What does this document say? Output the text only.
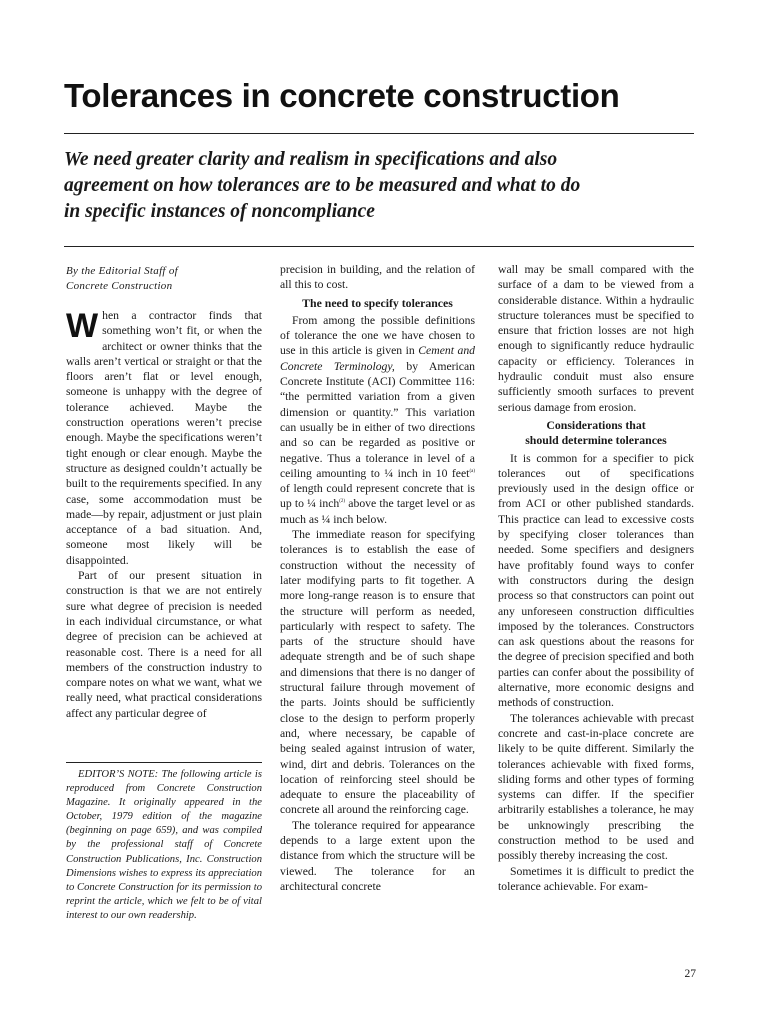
Tolerances in concrete construction
We need greater clarity and realism in specifications and also
agreement on how tolerances are to be measured and what to do
in specific instances of noncompliance

By the Editorial Staff of
Concrete Construction

When a contractor finds that something won’t fit, or when the architect or owner thinks that the walls aren’t vertical or straight or that the floors aren’t flat or level enough, someone is unhappy with the degree of tolerance achieved. Maybe the construction operations weren’t precise enough. Maybe the specifications weren’t tight enough or clear enough. Maybe the structure as designed couldn’t actually be built to the requirements specified. In any case, some accommodation must be made—by repair, adjustment or just plain acceptance of a bad situation. And, someone most likely will be disappointed.

Part of our present situation in construction is that we are not entirely sure what degree of precision is needed in each individual circumstance, or what degree of precision can be achieved at reasonable cost. There is a need for all members of the construction industry to compare notes on what we want, what we really need, what practical considerations affect any particular degree of

EDITOR’S NOTE: The following article is reproduced from Concrete Construction Magazine. It originally appeared in the October, 1979 edition of the magazine (beginning on page 659), and was compiled by the professional staff of Concrete Construction Publications, Inc. Construction Dimensions wishes to express its appreciation to Concrete Construction for its permission to reprint the article, which we felt to be of vital interest to our own readership.

precision in building, and the relation of all this to cost.

The need to specify tolerances

From among the possible definitions of tolerance the one we have chosen to use in this article is given in Cement and Concrete Terminology, by American Concrete Institute (ACI) Committee 116: “the permitted variation from a given dimension or quantity.” This variation can usually be in either of two directions and so can be regarded as positive or negative. Thus a tolerance in level of a ceiling amounting to ¼ inch in 10 feet$^{(a)}$ of length could represent concrete that is up to ¼ inch$^{(2)}$ above the target level or as much as ¼ inch below.

The immediate reason for specifying tolerances is to establish the ease of construction without the necessity of later modifying parts to fit together. A more long-range reason is to ensure that the structure will perform as needed, particularly with respect to safety. The parts of the structure should have adequate strength and be of such shape and dimensions that there is no danger of structural failure through movement of the parts. Joints should be sufficiently close to the design to perform properly and, where necessary, be capable of being sealed against intrusion of water, wind, dirt and debris. Tolerances on the location of reinforcing steel should be adequate to ensure the placeability of concrete all around the reinforcing cage.

The tolerance required for appearance depends to a large extent upon the distance from which the structure will be viewed. The tolerance for an architectural concrete

wall may be small compared with the surface of a dam to be viewed from a considerable distance. Within a hydraulic structure tolerances must be specified to ensure that friction losses are not high enough to significantly reduce hydraulic capacity or efficiency. Tolerances in hydraulic conduit must also ensure sufficiently smooth surfaces to prevent serious damage from erosion.

Considerations that
should determine tolerances

It is common for a specifier to pick tolerances out of specifications previously used in the design office or from ACI or other published standards. This practice can lead to excessive costs by specifying closer tolerances than needed. Some specifiers and designers have profitably found ways to confer with constructors during the design process so that constructors can point out any unforeseen construction difficulties imposed by the tolerances. Constructors can ask questions about the reasons for the degree of precision specified and both parties can confer about the possibility of alternative, more economic designs and methods of construction.

The tolerances achievable with precast concrete and cast-in-place concrete are likely to be quite different. Similarly the tolerances achievable with fixed forms, sliding forms and other types of forming systems can differ. If the specifier arbitrarily establishes a tolerance, he may be unknowingly prescribing the construction method to be used and possibly thereby increasing the cost.

Sometimes it is difficult to predict the tolerance achievable. For exam-

27
